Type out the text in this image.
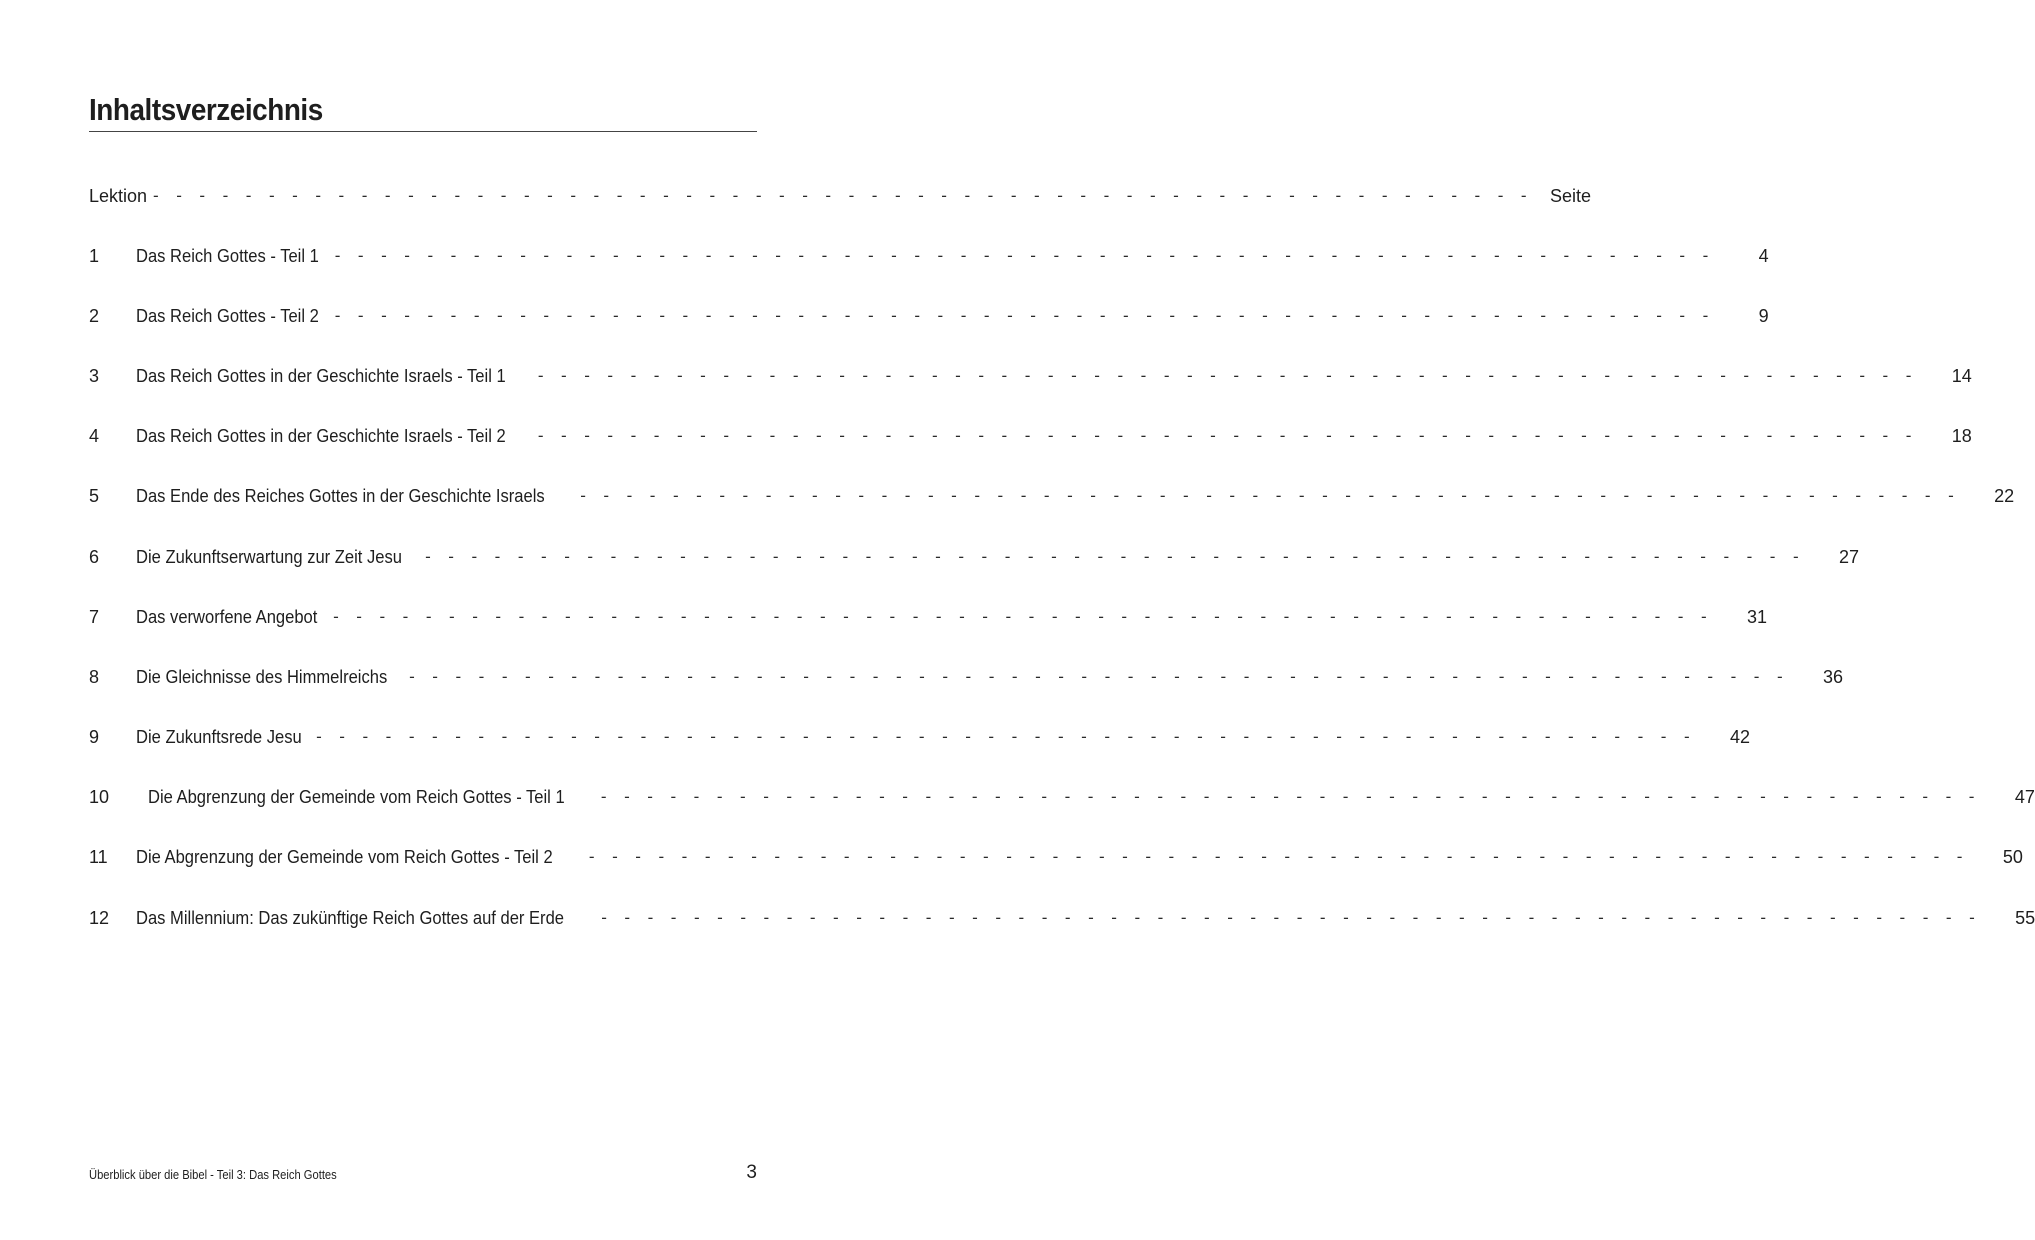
Inhaltsverzeichnis
Lektion - - - - - - - - - - - - - - - - - - - - - - - - - - - - - - - - - - - - - - - - - - - - - - - - - - - - - - - - - - - - Seite
1	Das Reich Gottes - Teil 1 - - - - - - - - - - - - - - - - - - - - - - - - - - - - - - - - - - - - - - - - - - - - - - - - - - - - - - - - - - - -	4
2	Das Reich Gottes - Teil 2 - - - - - - - - - - - - - - - - - - - - - - - - - - - - - - - - - - - - - - - - - - - - - - - - - - - - - - - - - - - -	9
3	Das Reich Gottes in der Geschichte Israels - Teil 1 - - - - - - - - - - - - - - - - - - - - - - - - - - - - - - - - - - - - - - - - - - - - - - - - - - - - - - - - - - - -	14
4	Das Reich Gottes in der Geschichte Israels - Teil 2 - - - - - - - - - - - - - - - - - - - - - - - - - - - - - - - - - - - - - - - - - - - - - - - - - - - - - - - - - - - -	18
5	Das Ende des Reiches Gottes in der Geschichte Israels - - - - - - - - - - - - - - - - - - - - - - - - - - - - - - - - - - - - - - - - - - - - - - - - - - - - - - - - - - - -	22
6	Die Zukunftserwartung zur Zeit Jesu - - - - - - - - - - - - - - - - - - - - - - - - - - - - - - - - - - - - - - - - - - - - - - - - - - - - - - - - - - - -	27
7	Das verworfene Angebot - - - - - - - - - - - - - - - - - - - - - - - - - - - - - - - - - - - - - - - - - - - - - - - - - - - - - - - - - - - -	31
8	Die Gleichnisse des Himmelreichs - - - - - - - - - - - - - - - - - - - - - - - - - - - - - - - - - - - - - - - - - - - - - - - - - - - - - - - - - - - -	36
9	Die Zukunftsrede Jesu - - - - - - - - - - - - - - - - - - - - - - - - - - - - - - - - - - - - - - - - - - - - - - - - - - - - - - - - - - - -	42
10	Die Abgrenzung der Gemeinde vom Reich Gottes - Teil 1 - - - - - - - - - - - - - - - - - - - - - - - - - - - - - - - - - - - - - - - - - - - - - - - - - - - - - - - - - - - -	47
11	Die Abgrenzung der Gemeinde vom Reich Gottes - Teil 2 - - - - - - - - - - - - - - - - - - - - - - - - - - - - - - - - - - - - - - - - - - - - - - - - - - - - - - - - - - - -	50
12	Das Millennium: Das zukünftige Reich Gottes auf der Erde - - - - - - - - - - - - - - - - - - - - - - - - - - - - - - - - - - - - - - - - - - - - - - - - - - - - - - - - - - - -	55
Überblick über die Bibel - Teil 3: Das Reich Gottes	3
